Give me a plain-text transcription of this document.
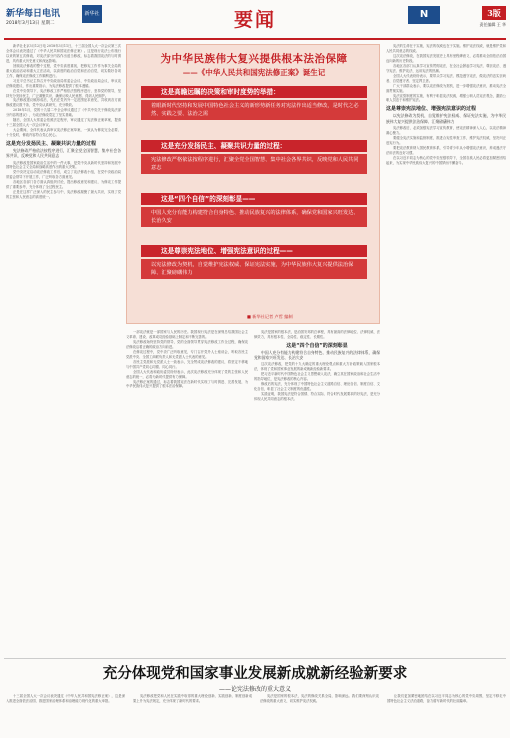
新华每日电讯	新华社
2018年3月13日 星期二	要闻	N	3版
责任编辑 王 华

新华社北京3月12日电 2018年3月11日，十三届全国人大一次会议第三次全体会议表决通过了《中华人民共和国宪法修正案》。这是现行宪法公布施行以来的第五次修改，对宪法部分内容作出适当修改，标志着我国宪法的与时俱进，具有重大历史意义和深远影响。

回顾宪法修改的整个过程，党中央高度重视，把修宪工作作为事关全局的重大政治活动和重大立法活动，以高度的政治自觉和法治自觉，切实做好各项工作，确保宪法修改工作顺利进行。

习近平总书记主持召开中央政治局常委会会议、中央政治局会议，审议宪法修改建议，作出重要指示，为宪法修改提供了根本遵循。

在党中央领导下，宪法修改工作严格依法按程序进行，坚持党的领导，坚持充分发扬民主，广泛凝聚共识，确保反映人民意愿、得到人民拥护。

宪法修改建议稿形成后，先后在党内外一定范围征求意见，共收到各方面修改建议数千条，党中央认真研究，充分吸收。

2018年1月，党的十九届二中全会审议通过了《中共中央关于修改宪法部分内容的建议》，为宪法修改奠定了坚实基础。

随后，全国人大常委会依照法定程序，审议通过了宪法修正案草案，提请十三届全国人大一次会议审议。

大会期间，全体代表认真审议宪法修正案草案，一致认为修宪完全必要、十分及时，修改内容符合党心民心。

这是充分发扬民主、凝聚共识力量的过程

宪法修改严格依法按程序进行，汇聚全党全国智慧，集中社会各界共识，反映党和人民共同意志

宪法修改是国家政治生活中的一件大事，是党中央从新时代坚持和发展中国特色社会主义全局和战略高度作出的重大决策。

党中央决定启动宪法修改工作后，成立了宪法修改小组，在党中央政治局常委会领导下开展工作，广泛听取各方面意见。

各地区各部门各方面认真组织讨论，提出修改意见和建议，为修宪工作提供了重要参考，充分体现了全过程民主。

正是在这样广泛深入的民主参与中，宪法修改凝聚了最大共识，实现了党的主张和人民意志的高度统一。

为中华民族伟大复兴提供根本法治保障
——《中华人民共和国宪法修正案》诞生记
这是高瞻远瞩的决策和审时度势的举措：
着眼新时代坚持和发展中国特色社会主义的新形势新任务对宪法作出适当修改，是时代之必然、实践之要、法治之需
这是充分发扬民主、凝聚共识力量的过程：
宪法修改严格依法按程序进行，汇聚全党全国智慧、集中社会各界共识，反映党和人民共同意志
这是“四个自信”的深刻彰显——
中国人充分有能力构建符合自身特色、推动民族复兴的法律体系，确保党和国家兴旺发达、长治久安
这是尊崇宪法地位、增强宪法意识的过程——
以宪法修改为契机，自觉维护宪法权威、保证宪法实施，为中华民族伟大复兴提供法治保障、汇聚磅礴伟力
■ 新华社记者 卢哲 编制

一部宪法就是一部国家与人民的历史。我国现行宪法是在深刻总结我国社会主义革命、建设、改革成功经验基础上制定和不断完善的。

宪法修改始终坚持党的领导，党的全面领导贯穿宪法修改工作全过程，确保宪法修改沿着正确的政治方向前进。

在修宪过程中，党中央广泛听取意见，专门召开党外人士座谈会，听取各民主党派中央、全国工商联负责人和无党派人士代表的意见。

各民主党派和无党派人士一致表示，完全赞成宪法修改的建议，将坚定不移地与中国共产党同心同德、同心同行。

全国人大代表和政协委员纷纷表示，此次宪法修改充分体现了党的主张和人民意志的统一，必将为新时代提供有力保障。

宪法修正案的通过，标志着我国宪法在新时代实现了与时俱进、完善发展，为中华民族伟大复兴提供了根本法治保障。

宪法是国家的根本法，是治国安邦的总章程，具有最高的法律地位、法律权威、法律效力，具有根本性、全局性、稳定性、长期性。

这是“四个自信”的深刻彰显

中国人充分有能力构建符合自身特色、推动民族复兴的法律体系，确保党和国家兴旺发达、长治久安

这次宪法修改，把党的十九大确定的重大理论观点和重大方针政策载入国家根本法，体现了党和国家事业发展的新成就新经验新要求。

把习近平新时代中国特色社会主义思想载入宪法，确立其在国家政治和社会生活中的指导地位，是宪法修改的核心内容。

修改后的宪法，充分体现了中国特色社会主义道路自信、理论自信、制度自信、文化自信，彰显了社会主义制度的优越性。

实践证明，我国宪法是符合国情、符合实际、符合时代发展要求的好宪法，是充分体现人民共同意志的根本法。

宪法的生命在于实施，宪法的权威也在于实施。维护宪法权威，就是维护党和人民共同意志的权威。

这次宪法修改，在我国宪法发展史上具有里程碑意义，必将推动全面依法治国迈向新的历史阶段。

各地区各部门认真学习宣传贯彻宪法，在全社会掀起学习宪法、尊崇宪法、遵守宪法、维护宪法、运用宪法的热潮。

全国人大代表纷纷表示，要带头学习宪法、模范遵守宪法，做宪法的忠实崇尚者、自觉遵守者、坚定捍卫者。

广大干部群众表示，要以宪法修改为契机，进一步增强宪法意识，推动宪法全面贯彻实施。

宪法宣誓制度的实施，有利于彰显宪法权威，增强公职人员宪法观念，激励公职人员忠于和维护宪法。

这是尊崇宪法地位、增强宪法意识的过程

以宪法修改为契机，自觉维护宪法权威、保证宪法实施，为中华民族伟大复兴提供法治保障、汇聚磅礴伟力

宪法修改后，必须加强宪法学习宣传教育，使宪法精神深入人心，以宪法精神凝心聚力。

要健全宪法实施和监督制度，推进合宪性审查工作，维护宪法权威，坚决纠正违宪行为。

要把宪法教育纳入国民教育体系，引导青少年从小增强宪法意识，养成遵法守法用法的良好习惯。

在以习近平同志为核心的党中央坚强领导下，全国各族人民必将更加紧密团结起来，为实现中华民族伟大复兴的中国梦而不懈奋斗。

充分体现党和国家事业发展新成就新经验新要求
——论宪法修改的重大意义

十三届全国人大一次会议表决通过《中华人民共和国宪法修正案》，这是深入推进全面依法治国、推进国家治理体系和治理能力现代化的重大举措。

宪法修改把党和人民在实践中取得的重大理论创新、实践创新、制度创新成果上升为宪法规定，充分体现了新时代的要求。

宪法是国家的根本法，宪法的修改关系全局，影响深远。我们要深刻认识宪法修改的重大意义，切实维护宪法权威。

让我们更加紧密地团结在以习近平同志为核心的党中央周围，坚定不移走中国特色社会主义法治道路，奋力谱写新时代的壮丽篇章。
